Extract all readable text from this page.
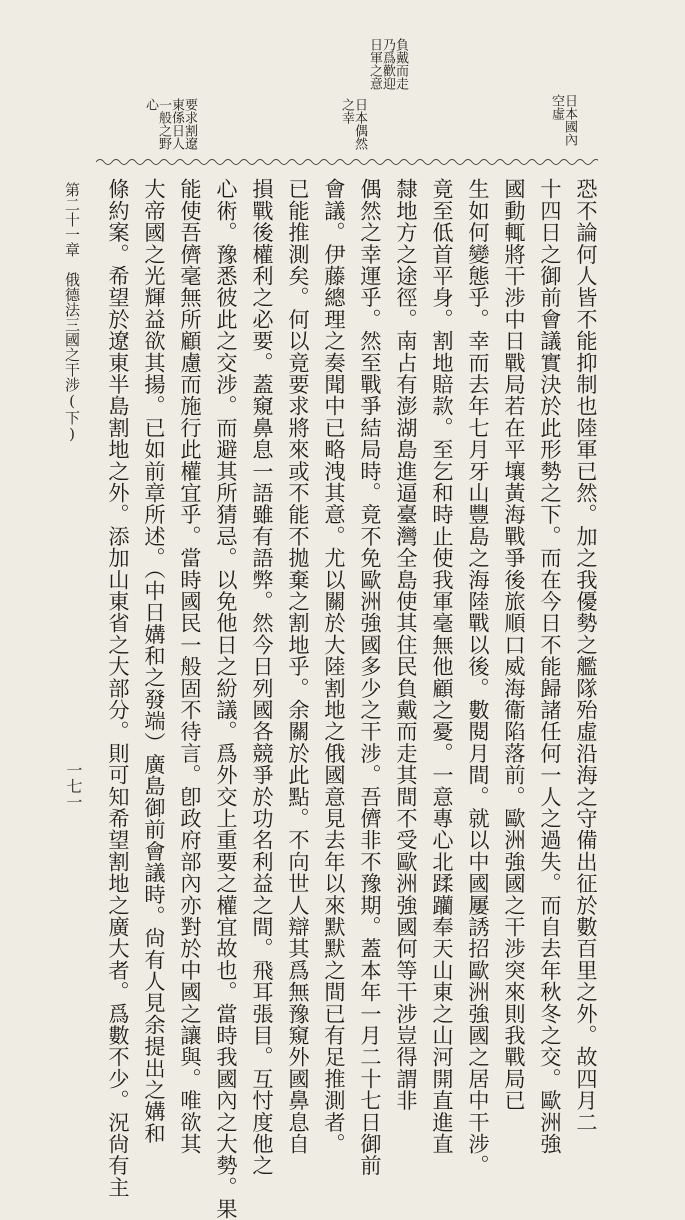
日本國內
空虛
負戴而走
乃爲歡迎
日軍之意
日本偶然
之幸
要求割遼
東係日人
一般之野
心
恐不論何人皆不能抑制也陸軍已然。加之我優勢之艦隊殆虛沿海之守備出征於數百里之外。故四月二
十四日之御前會議實決於此形勢之下。而在今日不能歸諸任何一人之過失。而自去年秋冬之交。歐洲強
國動輒將干涉中日戰局若在平壤黃海戰爭後旅順口威海衞陷落前。歐洲強國之干涉突來則我戰局已
生如何變態乎。幸而去年七月牙山豐島之海陸戰以後。數閱月間。就以中國屢誘招歐洲強國之居中干涉。
竟至低首平身。割地賠款。至乞和時止使我軍毫無他顧之憂。一意專心北蹂躪奉天山東之山河開直進直
隸地方之途徑。南占有澎湖島進逼臺灣全島使其住民負戴而走其間不受歐洲強國何等干涉豈得謂非
偶然之幸運乎。然至戰爭結局時。竟不免歐洲強國多少之干涉。吾儕非不豫期。蓋本年一月二十七日御前
會議。伊藤總理之奏聞中已略洩其意。尤以關於大陸割地之俄國意見去年以來默默之間已有足推測者。
已能推測矣。何以竟要求將來或不能不拋棄之割地乎。余關於此點。不向世人辯其爲無豫窺外國鼻息自
損戰後權利之必要。蓋窺鼻息一語雖有語弊。然今日列國各競爭於功名利益之間。飛耳張目。互忖度他之
心術。豫悉彼此之交涉。而避其所猜忌。以免他日之紛議。爲外交上重要之權宜故也。當時我國內之大勢。果
能使吾儕毫無所顧慮而施行此權宜乎。當時國民一般固不待言。卽政府部內亦對於中國之讓與。唯欲其
大帝國之光輝益欲其揚。已如前章所述。（中日媾和之發端）廣島御前會議時。尙有人見余提出之媾和
條約案。希望於遼東半島割地之外。添加山東省之大部分。則可知希望割地之廣大者。爲數不少。況尙有主
第二十一章　俄德法三國之干涉(下)
一七一
